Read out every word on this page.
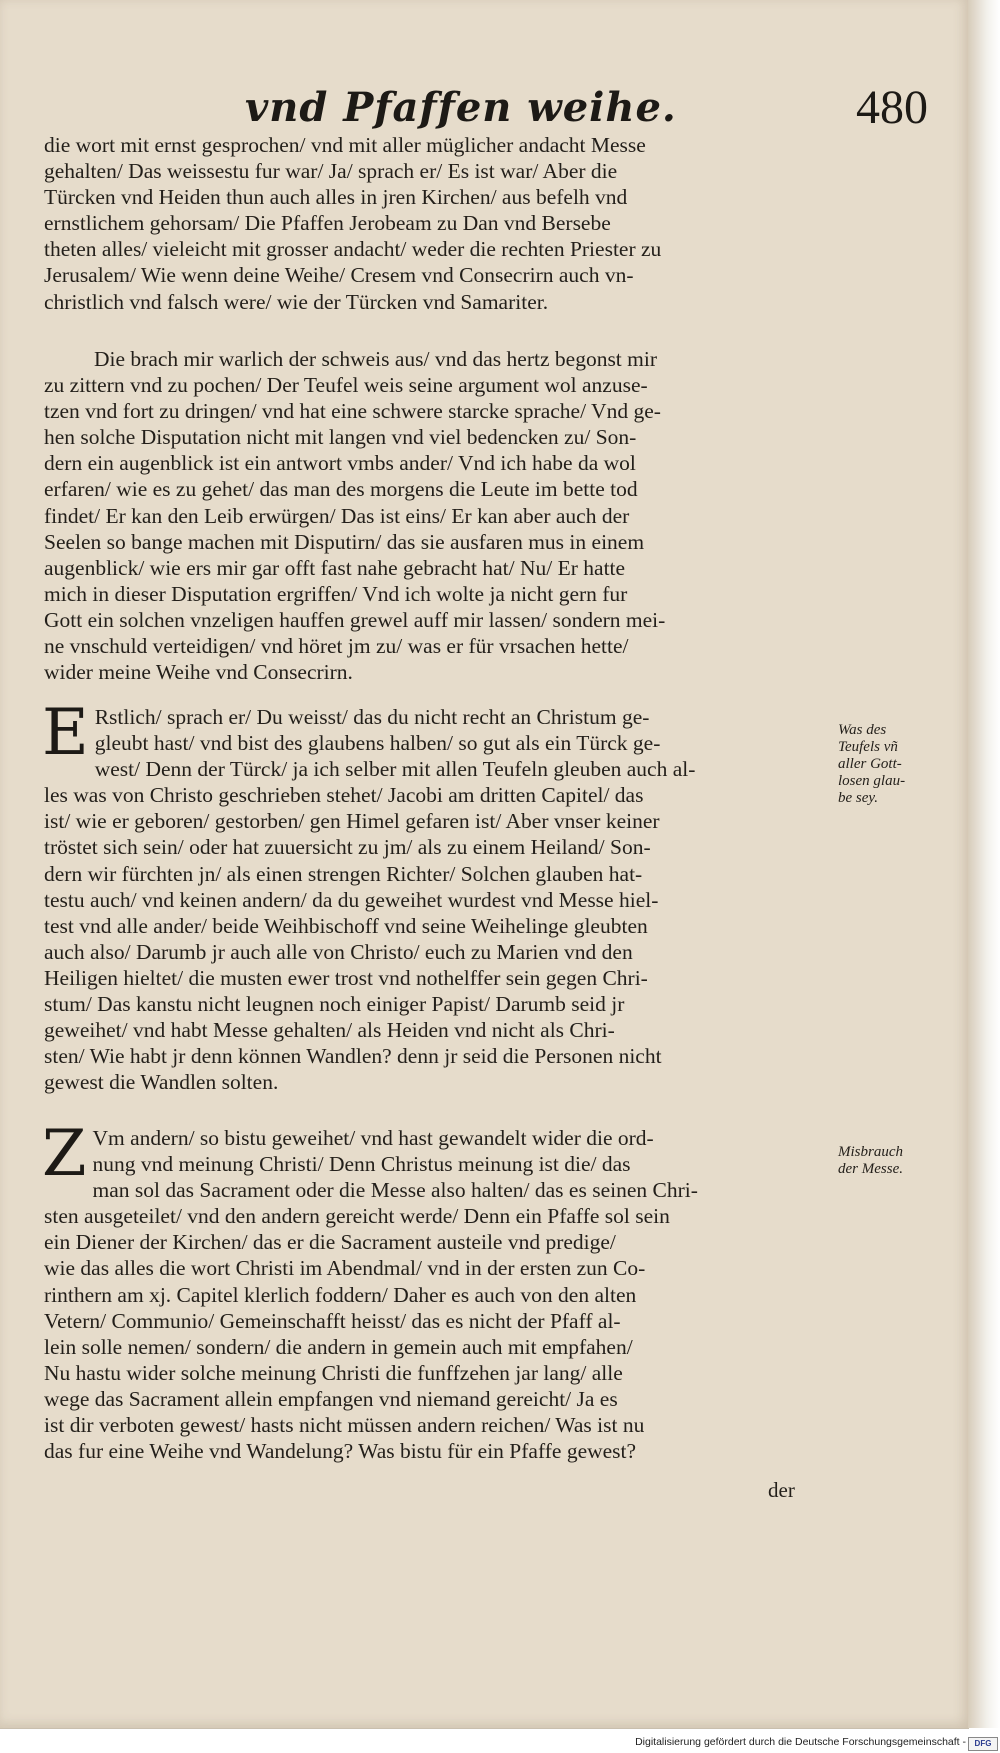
vnd Pfaffen weihe.	480
die wort mit ernst gesprochen/ vnd mit aller müglicher andacht Messe
gehalten/ Das weissestu fur war/ Ja/ sprach er/ Es ist war/ Aber die
Türcken vnd Heiden thun auch alles in jren Kirchen/ aus befelh vnd
ernstlichem gehorsam/ Die Pfaffen Jerobeam zu Dan vnd Bersebe
theten alles/ vieleicht mit grosser andacht/ weder die rechten Priester zu
Jerusalem/ Wie wenn deine Weihe/ Cresem vnd Consecrirn auch vn-
christlich vnd falsch were/ wie der Türcken vnd Samariter.
Die brach mir warlich der schweis aus/ vnd das hertz begonst mir
zu zittern vnd zu pochen/ Der Teufel weis seine argument wol anzuse-
tzen vnd fort zu dringen/ vnd hat eine schwere starcke sprache/ Vnd ge-
hen solche Disputation nicht mit langen vnd viel bedencken zu/ Son-
dern ein augenblick ist ein antwort vmbs ander/ Vnd ich habe da wol
erfaren/ wie es zu gehet/ das man des morgens die Leute im bette tod
findet/ Er kan den Leib erwürgen/ Das ist eins/ Er kan aber auch der
Seelen so bange machen mit Disputirn/ das sie ausfaren mus in einem
augenblick/ wie ers mir gar offt fast nahe gebracht hat/ Nu/ Er hatte
mich in dieser Disputation ergriffen/ Vnd ich wolte ja nicht gern fur
Gott ein solchen vnzeligen hauffen grewel auff mir lassen/ sondern mei-
ne vnschuld verteidigen/ vnd höret jm zu/ was er für vrsachen hette/
wider meine Weihe vnd Consecrirn.
E Rstlich/ sprach er/ Du weisst/ das du nicht recht an Christum ge-
gleubt hast/ vnd bist des glaubens halben/ so gut als ein Türck ge-
west/ Denn der Türck/ ja ich selber mit allen Teufeln gleuben auch al-
les was von Christo geschrieben stehet/ Jacobi am dritten Capitel/ das
ist/ wie er geboren/ gestorben/ gen Himel gefaren ist/ Aber vnser keiner
tröstet sich sein/ oder hat zuuersicht zu jm/ als zu einem Heiland/ Son-
dern wir fürchten jn/ als einen strengen Richter/ Solchen glauben hat-
testu auch/ vnd keinen andern/ da du geweihet wurdest vnd Messe hiel-
test vnd alle ander/ beide Weihbischoff vnd seine Weihelinge gleubten
auch also/ Darumb jr auch alle von Christo/ euch zu Marien vnd den
Heiligen hieltet/ die musten ewer trost vnd nothelffer sein gegen Chri-
stum/ Das kanstu nicht leugnen noch einiger Papist/ Darumb seid jr
geweihet/ vnd habt Messe gehalten/ als Heiden vnd nicht als Chri-
sten/ Wie habt jr denn können Wandlen? denn jr seid die Personen nicht
gewest die Wandlen solten.
Was des
Teufels vñ
aller Gott-
losen glau-
be sey.
Z Vm andern/ so bistu geweihet/ vnd hast gewandelt wider die ord-
nung vnd meinung Christi/ Denn Christus meinung ist die/ das
man sol das Sacrament oder die Messe also halten/ das es seinen Chri-
sten ausgeteilet/ vnd den andern gereicht werde/ Denn ein Pfaffe sol sein
ein Diener der Kirchen/ das er die Sacrament austeile vnd predige/
wie das alles die wort Christi im Abendmal/ vnd in der ersten zun Co-
rinthern am xj. Capitel klerlich foddern/ Daher es auch von den alten
Vetern/ Communio/ Gemeinschafft heisst/ das es nicht der Pfaff al-
lein solle nemen/ sondern/ die andern in gemein auch mit empfahen/
Nu hastu wider solche meinung Christi die funffzehen jar lang/ alle
wege das Sacrament allein empfangen vnd niemand gereicht/ Ja es
ist dir verboten gewest/ hasts nicht müssen andern reichen/ Was ist nu
das fur eine Weihe vnd Wandelung? Was bistu für ein Pfaffe gewest?
Misbrauch
der Messe.
der
Digitalisierung gefördert durch die Deutsche Forschungsgemeinschaft -	DFG
